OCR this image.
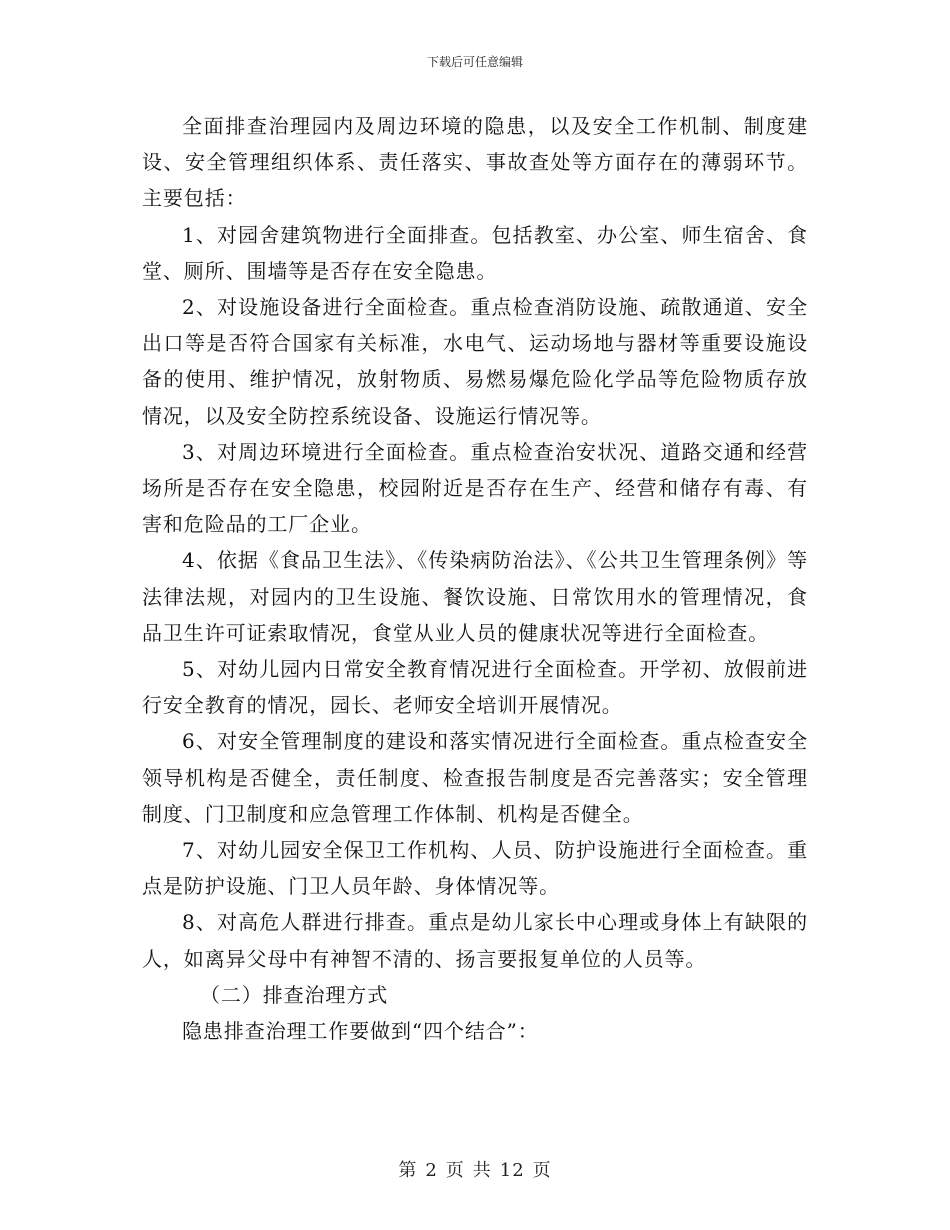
下载后可任意编辑

全面排查治理园内及周边环境的隐患，以及安全工作机制、制度建设、安全管理组织体系、责任落实、事故查处等方面存在的薄弱环节。主要包括：

1、对园舍建筑物进行全面排查。包括教室、办公室、师生宿舍、食堂、厕所、围墙等是否存在安全隐患。

2、对设施设备进行全面检查。重点检查消防设施、疏散通道、安全出口等是否符合国家有关标准，水电气、运动场地与器材等重要设施设备的使用、维护情况，放射物质、易燃易爆危险化学品等危险物质存放情况，以及安全防控系统设备、设施运行情况等。

3、对周边环境进行全面检查。重点检查治安状况、道路交通和经营场所是否存在安全隐患，校园附近是否存在生产、经营和储存有毒、有害和危险品的工厂企业。

4、依据《食品卫生法》、《传染病防治法》、《公共卫生管理条例》等法律法规，对园内的卫生设施、餐饮设施、日常饮用水的管理情况，食品卫生许可证索取情况，食堂从业人员的健康状况等进行全面检查。

5、对幼儿园内日常安全教育情况进行全面检查。开学初、放假前进行安全教育的情况，园长、老师安全培训开展情况。

6、对安全管理制度的建设和落实情况进行全面检查。重点检查安全领导机构是否健全，责任制度、检查报告制度是否完善落实；安全管理制度、门卫制度和应急管理工作体制、机构是否健全。

7、对幼儿园安全保卫工作机构、人员、防护设施进行全面检查。重点是防护设施、门卫人员年龄、身体情况等。

8、对高危人群进行排查。重点是幼儿家长中心理或身体上有缺限的人，如离异父母中有神智不清的、扬言要报复单位的人员等。

（二）排查治理方式

隐患排查治理工作要做到“四个结合”：

第 2 页 共 12 页
